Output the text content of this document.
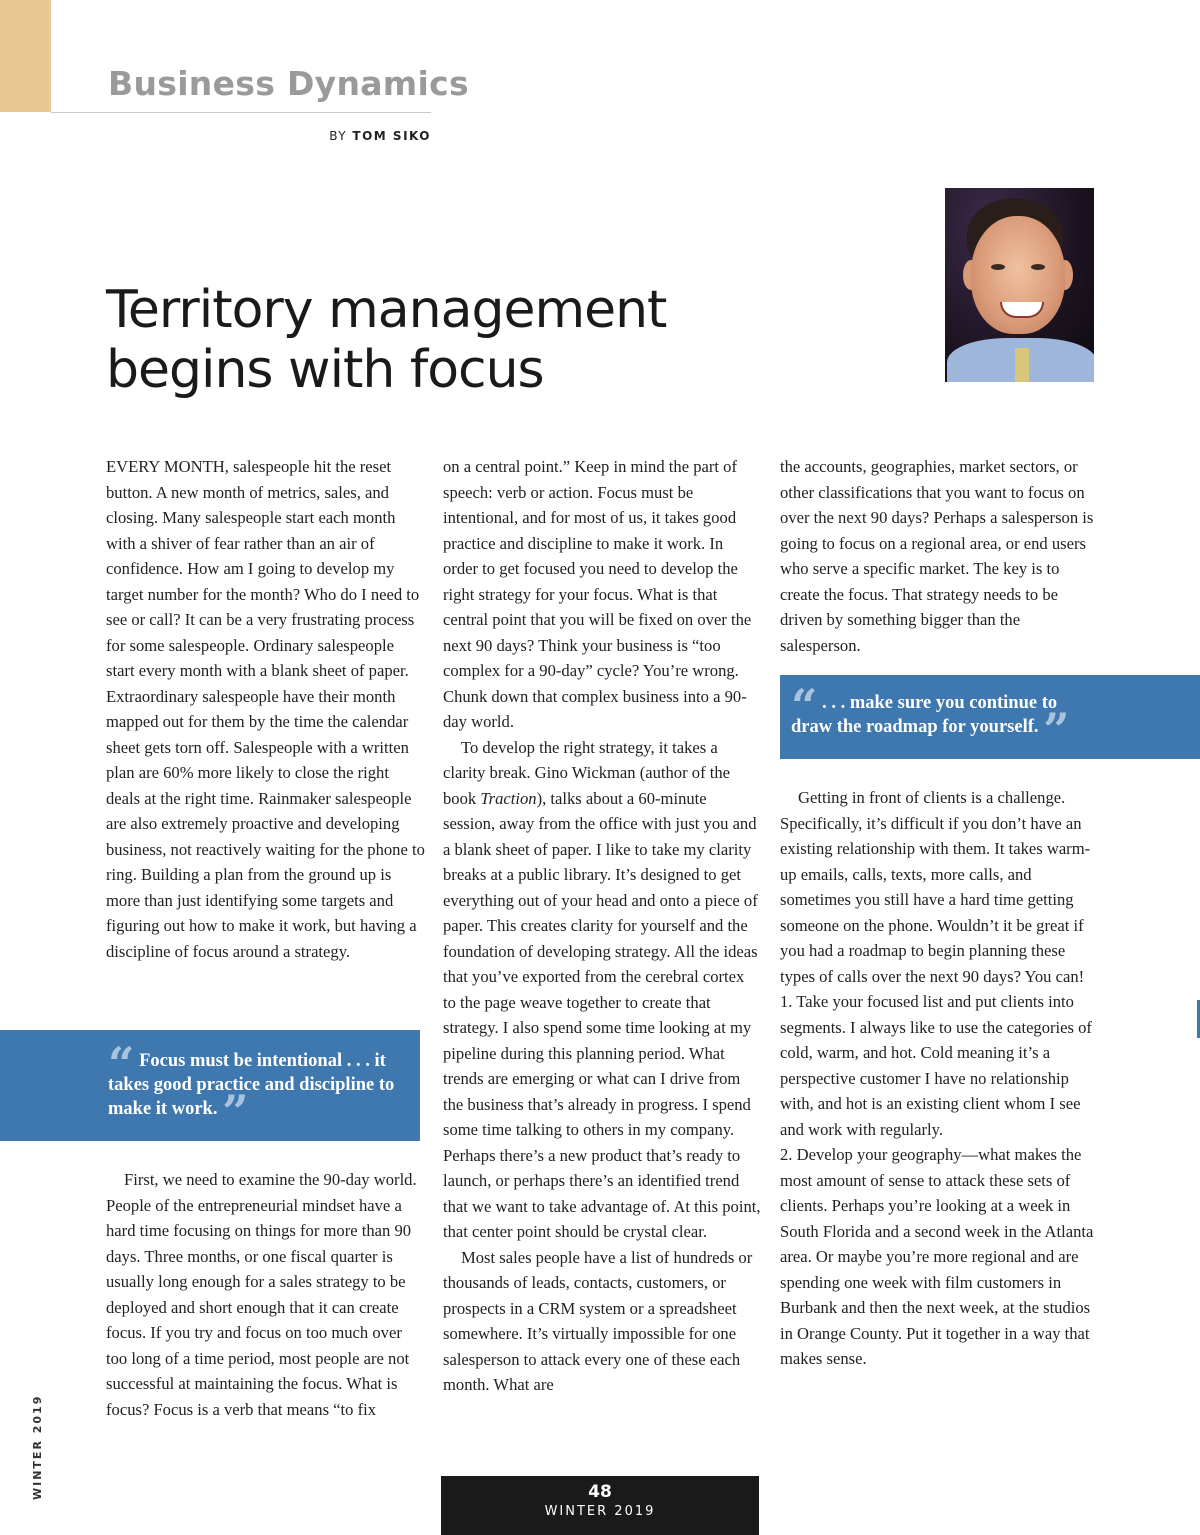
Business Dynamics
BY TOM SIKO
Territory management
begins with focus

EVERY MONTH, salespeople hit the reset button. A new month of metrics, sales, and closing. Many salespeople start each month with a shiver of fear rather than an air of confidence. How am I going to develop my target number for the month? Who do I need to see or call? It can be a very frustrating process for some salespeople. Ordinary salespeople start every month with a blank sheet of paper. Extraordinary salespeople have their month mapped out for them by the time the calendar sheet gets torn off. Salespeople with a written plan are 60% more likely to close the right deals at the right time. Rainmaker salespeople are also extremely proactive and developing business, not reactively waiting for the phone to ring. Building a plan from the ground up is more than just identifying some targets and figuring out how to make it work, but having a discipline of focus around a strategy.

“ Focus must be intentional . . . it takes good practice and discipline to make it work. ”

First, we need to examine the 90-day world. People of the entrepreneurial mindset have a hard time focusing on things for more than 90 days. Three months, or one fiscal quarter is usually long enough for a sales strategy to be deployed and short enough that it can create focus. If you try and focus on too much over too long of a time period, most people are not successful at maintaining the focus. What is focus? Focus is a verb that means “to fix

on a central point.” Keep in mind the part of speech: verb or action. Focus must be intentional, and for most of us, it takes good practice and discipline to make it work. In order to get focused you need to develop the right strategy for your focus. What is that central point that you will be fixed on over the next 90 days? Think your business is “too complex for a 90-day” cycle? You’re wrong. Chunk down that complex business into a 90-day world.

To develop the right strategy, it takes a clarity break. Gino Wickman (author of the book Traction), talks about a 60-minute session, away from the office with just you and a blank sheet of paper. I like to take my clarity breaks at a public library. It’s designed to get everything out of your head and onto a piece of paper. This creates clarity for yourself and the foundation of developing strategy. All the ideas that you’ve exported from the cerebral cortex to the page weave together to create that strategy. I also spend some time looking at my pipeline during this planning period. What trends are emerging or what can I drive from the business that’s already in progress. I spend some time talking to others in my company. Perhaps there’s a new product that’s ready to launch, or perhaps there’s an identified trend that we want to take advantage of. At this point, that center point should be crystal clear.

Most sales people have a list of hundreds or thousands of leads, contacts, customers, or prospects in a CRM system or a spreadsheet somewhere. It’s virtually impossible for one salesperson to attack every one of these each month. What are

the accounts, geographies, market sectors, or other classifications that you want to focus on over the next 90 days? Perhaps a salesperson is going to focus on a regional area, or end users who serve a specific market. The key is to create the focus. That strategy needs to be driven by something bigger than the salesperson.

“ . . . make sure you continue to draw the roadmap for yourself. ”

Getting in front of clients is a challenge. Specifically, it’s difficult if you don’t have an existing relationship with them. It takes warm-up emails, calls, texts, more calls, and sometimes you still have a hard time getting someone on the phone. Wouldn’t it be great if you had a roadmap to begin planning these types of calls over the next 90 days? You can!

1. Take your focused list and put clients into segments. I always like to use the categories of cold, warm, and hot. Cold meaning it’s a perspective customer I have no relationship with, and hot is an existing client whom I see and work with regularly.

2. Develop your geography—what makes the most amount of sense to attack these sets of clients. Perhaps you’re looking at a week in South Florida and a second week in the Atlanta area. Or maybe you’re more regional and are spending one week with film customers in Burbank and then the next week, at the studios in Orange County. Put it together in a way that makes sense.

WINTER 2019	48
WINTER 2019
